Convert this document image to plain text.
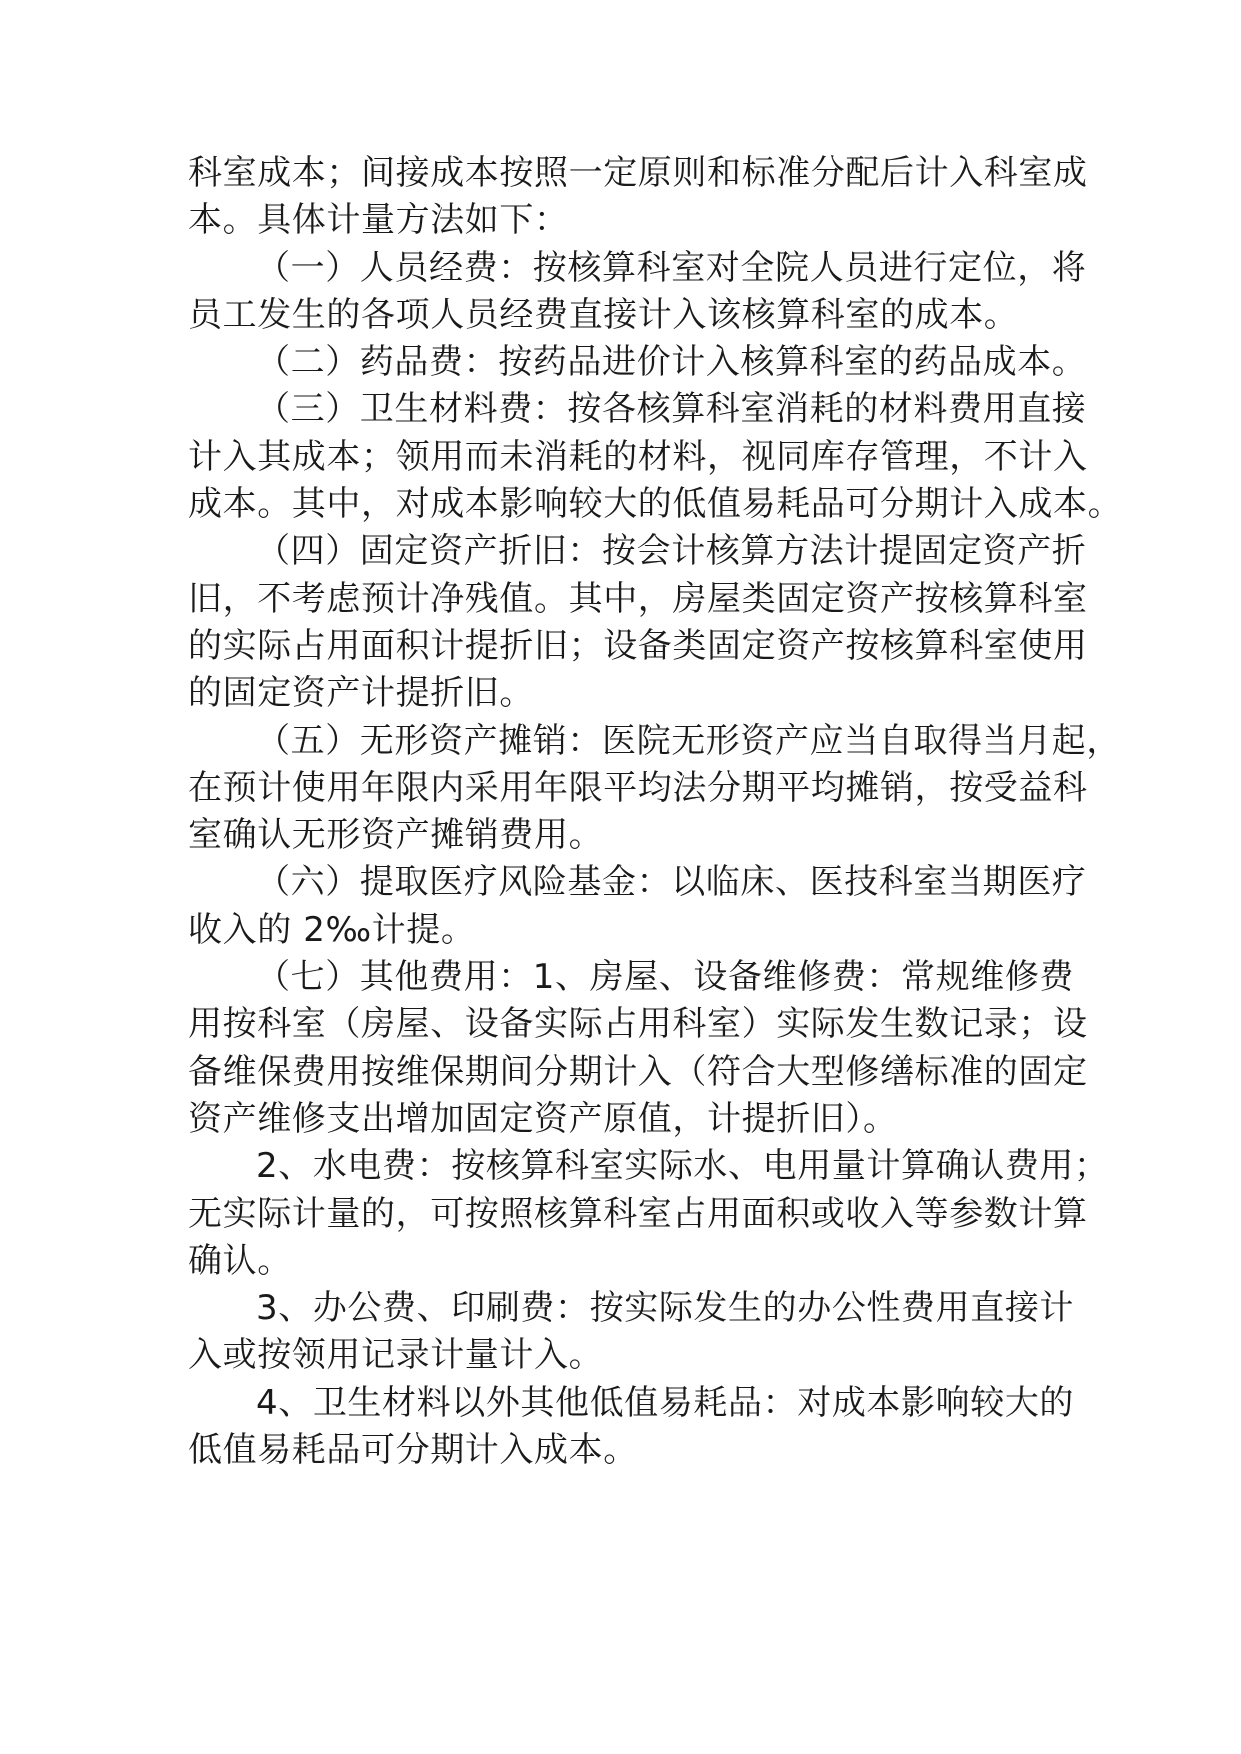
科室成本；间接成本按照一定原则和标准分配后计入科室成
本。具体计量方法如下：
（一）人员经费：按核算科室对全院人员进行定位，将
员工发生的各项人员经费直接计入该核算科室的成本。
（二）药品费：按药品进价计入核算科室的药品成本。
（三）卫生材料费：按各核算科室消耗的材料费用直接
计入其成本；领用而未消耗的材料，视同库存管理，不计入
成本。其中，对成本影响较大的低值易耗品可分期计入成本。
（四）固定资产折旧：按会计核算方法计提固定资产折
旧，不考虑预计净残值。其中，房屋类固定资产按核算科室
的实际占用面积计提折旧；设备类固定资产按核算科室使用
的固定资产计提折旧。
（五）无形资产摊销：医院无形资产应当自取得当月起，
在预计使用年限内采用年限平均法分期平均摊销，按受益科
室确认无形资产摊销费用。
（六）提取医疗风险基金：以临床、医技科室当期医疗
收入的 2‰计提。
（七）其他费用：1、房屋、设备维修费：常规维修费
用按科室（房屋、设备实际占用科室）实际发生数记录；设
备维保费用按维保期间分期计入（符合大型修缮标准的固定
资产维修支出增加固定资产原值，计提折旧）。
2、水电费：按核算科室实际水、电用量计算确认费用；
无实际计量的，可按照核算科室占用面积或收入等参数计算
确认。
3、办公费、印刷费：按实际发生的办公性费用直接计
入或按领用记录计量计入。
4、卫生材料以外其他低值易耗品：对成本影响较大的
低值易耗品可分期计入成本。
